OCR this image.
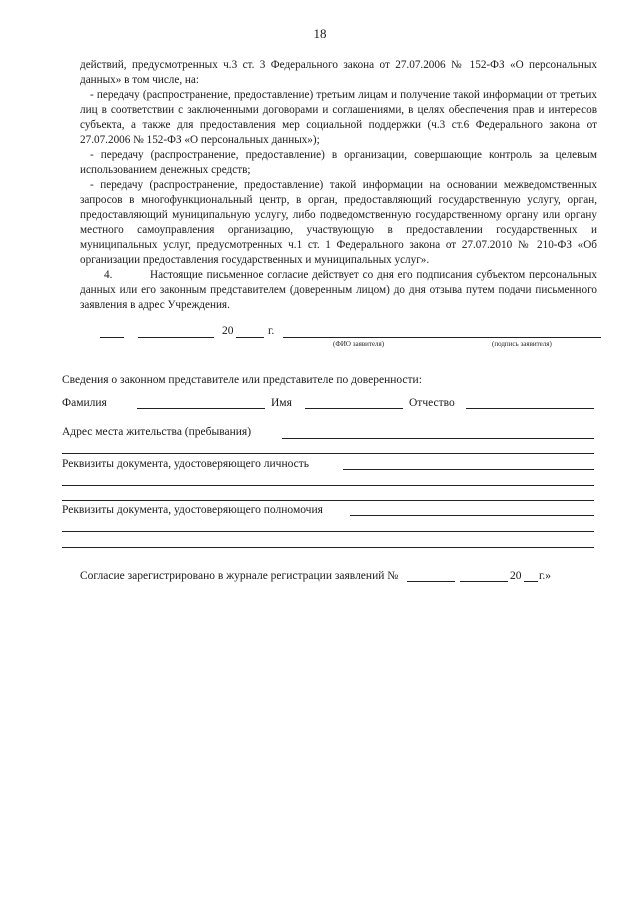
18

действий, предусмотренных ч.3 ст. 3 Федерального закона от 27.07.2006 № 152-ФЗ «О персональных данных» в том числе, на:

- передачу (распространение, предоставление) третьим лицам и получение такой информации от третьих лиц в соответствии с заключенными договорами и соглашениями, в целях обеспечения прав и интересов субъекта, а также для предоставления мер социальной поддержки (ч.3 ст.6 Федерального закона от 27.07.2006 № 152-ФЗ «О персональных данных»);

- передачу (распространение, предоставление) в организации, совершающие контроль за целевым использованием денежных средств;

- передачу (распространение, предоставление) такой информации на основании межведомственных запросов в многофункциональный центр, в орган, предоставляющий государственную услугу, орган, предоставляющий муниципальную услугу, либо подведомственную государственному органу или органу местного самоуправления организацию, участвующую в предоставлении государственных и муниципальных услуг, предусмотренных ч.1 ст. 1 Федерального закона от 27.07.2010 № 210-ФЗ «Об организации предоставления государственных и муниципальных услуг».

4.	Настоящие письменное согласие действует со дня его подписания субъектом персональных данных или его законным представителем (доверенным лицом) до дня отзыва путем подачи письменного заявления в адрес Учреждения.

20	г.
(ФИО заявителя)	(подпись заявителя)
Сведения о законном представителе или представителе по доверенности:
Фамилия	Имя	Отчество
Адрес места жительства (пребывания)
Реквизиты документа, удостоверяющего личность
Реквизиты документа, удостоверяющего полномочия
Согласие зарегистрировано в журнале регистрации заявлений №	20 г.»
